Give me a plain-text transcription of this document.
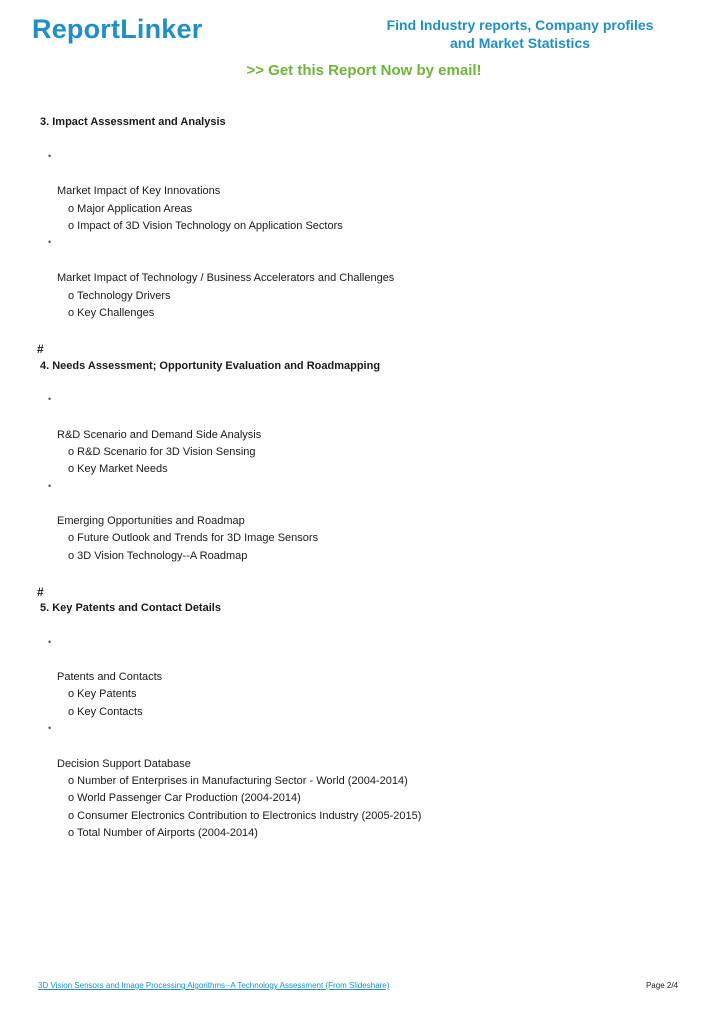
ReportLinker	Find Industry reports, Company profiles
and Market Statistics
>> Get this Report Now by email!
3. Impact Assessment and Analysis
•
Market Impact of Key Innovations
o Major Application Areas
o Impact of 3D Vision Technology on Application Sectors
•
Market Impact of Technology / Business Accelerators and Challenges
o Technology Drivers
o Key Challenges
#
4. Needs Assessment; Opportunity Evaluation and Roadmapping
•
R&D Scenario and Demand Side Analysis
o R&D Scenario for 3D Vision Sensing
o Key Market Needs
•
Emerging Opportunities and Roadmap
o Future Outlook and Trends for 3D Image Sensors
o 3D Vision Technology--A Roadmap
#
5. Key Patents and Contact Details
•
Patents and Contacts
o Key Patents
o Key Contacts
•
Decision Support Database
o Number of Enterprises in Manufacturing Sector - World (2004-2014)
o World Passenger Car Production (2004-2014)
o Consumer Electronics Contribution to Electronics Industry (2005-2015)
o Total Number of Airports (2004-2014)
3D Vision Sensors and Image Processing Algorithms--A Technology Assessment (From Slideshare)	Page 2/4
